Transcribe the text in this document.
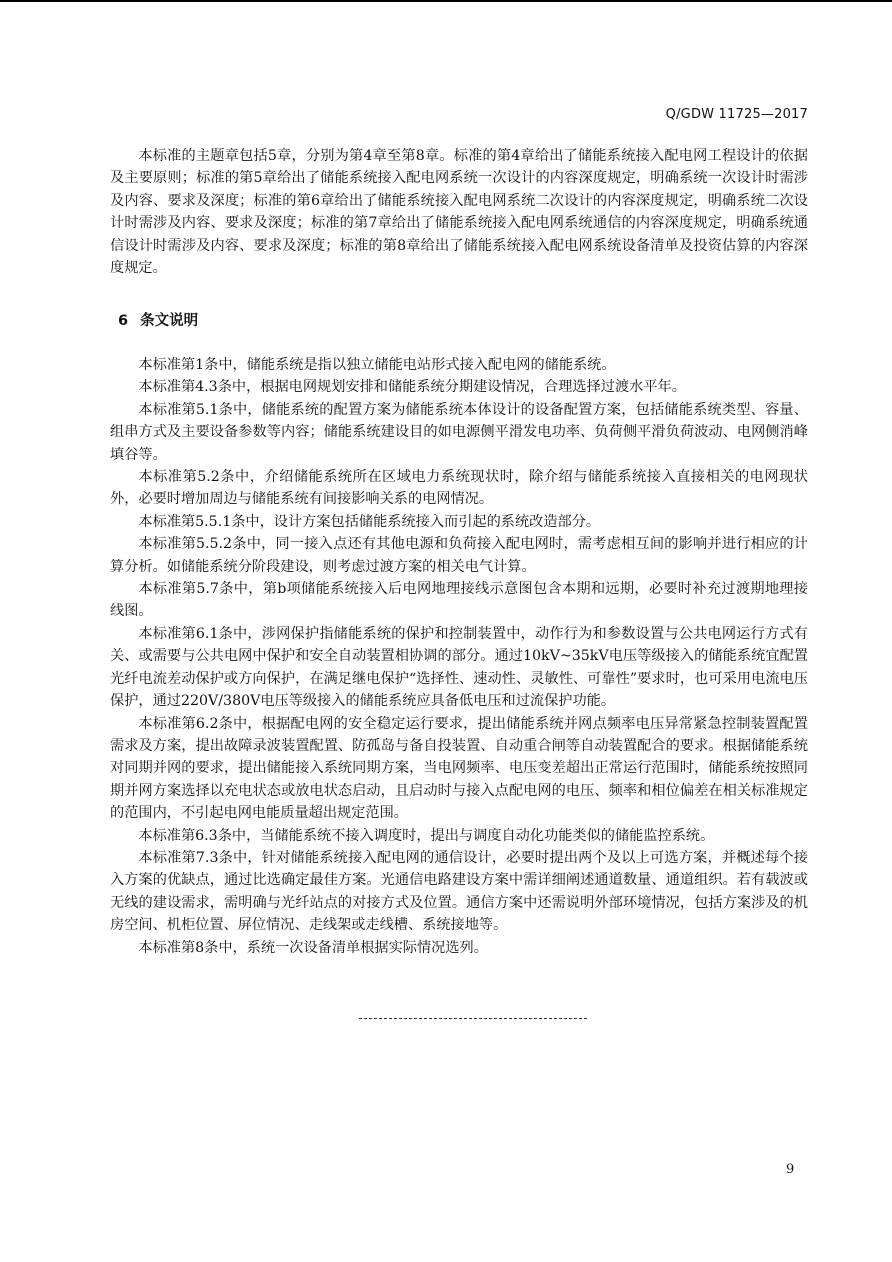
Q/GDW 11725—2017

本标准的主题章包括5章，分别为第4章至第8章。标准的第4章给出了储能系统接入配电网工程设计的依据及主要原则；标准的第5章给出了储能系统接入配电网系统一次设计的内容深度规定，明确系统一次设计时需涉及内容、要求及深度；标准的第6章给出了储能系统接入配电网系统二次设计的内容深度规定，明确系统二次设计时需涉及内容、要求及深度；标准的第7章给出了储能系统接入配电网系统通信的内容深度规定，明确系统通信设计时需涉及内容、要求及深度；标准的第8章给出了储能系统接入配电网系统设备清单及投资估算的内容深度规定。

6 条文说明

本标准第1条中，储能系统是指以独立储能电站形式接入配电网的储能系统。

本标准第4.3条中，根据电网规划安排和储能系统分期建设情况，合理选择过渡水平年。

本标准第5.1条中，储能系统的配置方案为储能系统本体设计的设备配置方案，包括储能系统类型、容量、组串方式及主要设备参数等内容；储能系统建设目的如电源侧平滑发电功率、负荷侧平滑负荷波动、电网侧消峰填谷等。

本标准第5.2条中，介绍储能系统所在区域电力系统现状时，除介绍与储能系统接入直接相关的电网现状外，必要时增加周边与储能系统有间接影响关系的电网情况。

本标准第5.5.1条中，设计方案包括储能系统接入而引起的系统改造部分。

本标准第5.5.2条中，同一接入点还有其他电源和负荷接入配电网时，需考虑相互间的影响并进行相应的计算分析。如储能系统分阶段建设，则考虑过渡方案的相关电气计算。

本标准第5.7条中，第b项储能系统接入后电网地理接线示意图包含本期和远期，必要时补充过渡期地理接线图。

本标准第6.1条中，涉网保护指储能系统的保护和控制装置中，动作行为和参数设置与公共电网运行方式有关、或需要与公共电网中保护和安全自动装置相协调的部分。通过10kV~35kV电压等级接入的储能系统宜配置光纤电流差动保护或方向保护，在满足继电保护“选择性、速动性、灵敏性、可靠性”要求时，也可采用电流电压保护，通过220V/380V电压等级接入的储能系统应具备低电压和过流保护功能。

本标准第6.2条中，根据配电网的安全稳定运行要求，提出储能系统并网点频率电压异常紧急控制装置配置需求及方案，提出故障录波装置配置、防孤岛与备自投装置、自动重合闸等自动装置配合的要求。根据储能系统对同期并网的要求，提出储能接入系统同期方案，当电网频率、电压变差超出正常运行范围时，储能系统按照同期并网方案选择以充电状态或放电状态启动，且启动时与接入点配电网的电压、频率和相位偏差在相关标准规定的范围内，不引起电网电能质量超出规定范围。

本标准第6.3条中，当储能系统不接入调度时，提出与调度自动化功能类似的储能监控系统。

本标准第7.3条中，针对储能系统接入配电网的通信设计，必要时提出两个及以上可选方案，并概述每个接入方案的优缺点，通过比选确定最佳方案。光通信电路建设方案中需详细阐述通道数量、通道组织。若有载波或无线的建设需求，需明确与光纤站点的对接方式及位置。通信方案中还需说明外部环境情况，包括方案涉及的机房空间、机柜位置、屏位情况、走线架或走线槽、系统接地等。

本标准第8条中，系统一次设备清单根据实际情况选列。

9
